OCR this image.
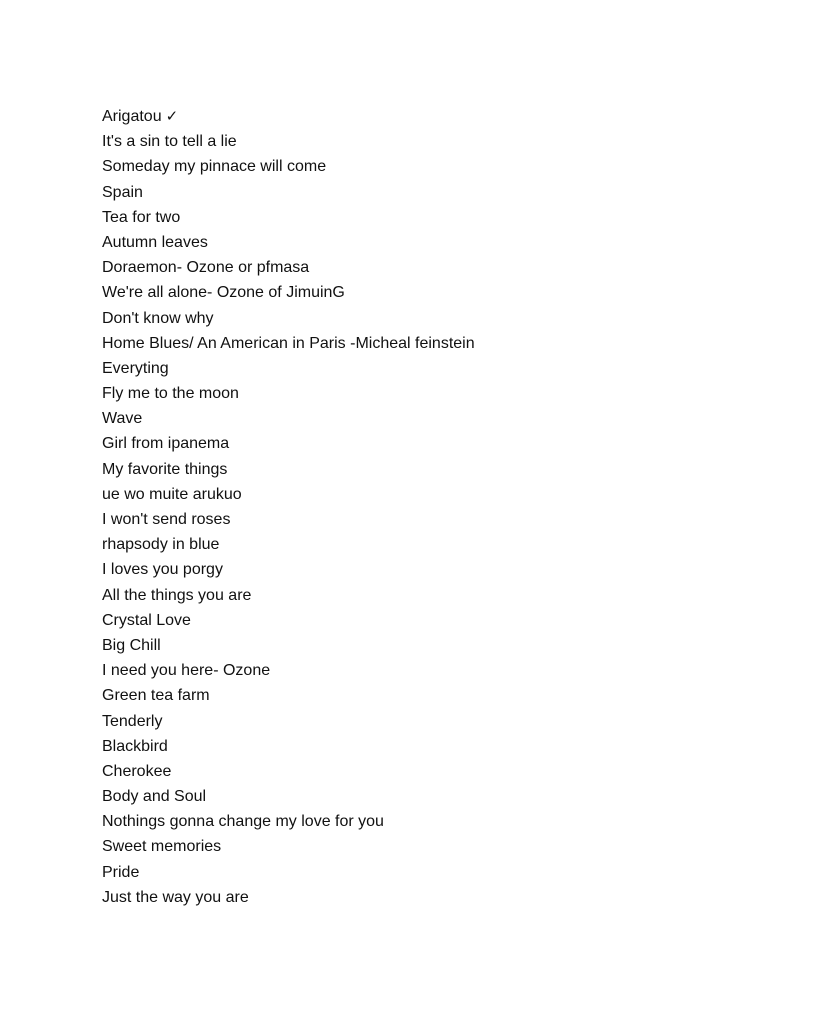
Arigatou ✓
It's a sin to tell a lie
Someday my pinnace will come
Spain
Tea for two
Autumn leaves
Doraemon- Ozone or pfmasa
We're all alone- Ozone of JimuinG
Don't know why
Home Blues/ An American in Paris -Micheal feinstein
Everyting
Fly me to the moon
Wave
Girl from ipanema
My favorite things
ue wo muite arukuo
I won't send roses
rhapsody in blue
I loves you porgy
All the things you are
Crystal Love
Big Chill
I need you here- Ozone
Green tea farm
Tenderly
Blackbird
Cherokee
Body and Soul
Nothings gonna change my love for you
Sweet memories
Pride
Just the way you are
